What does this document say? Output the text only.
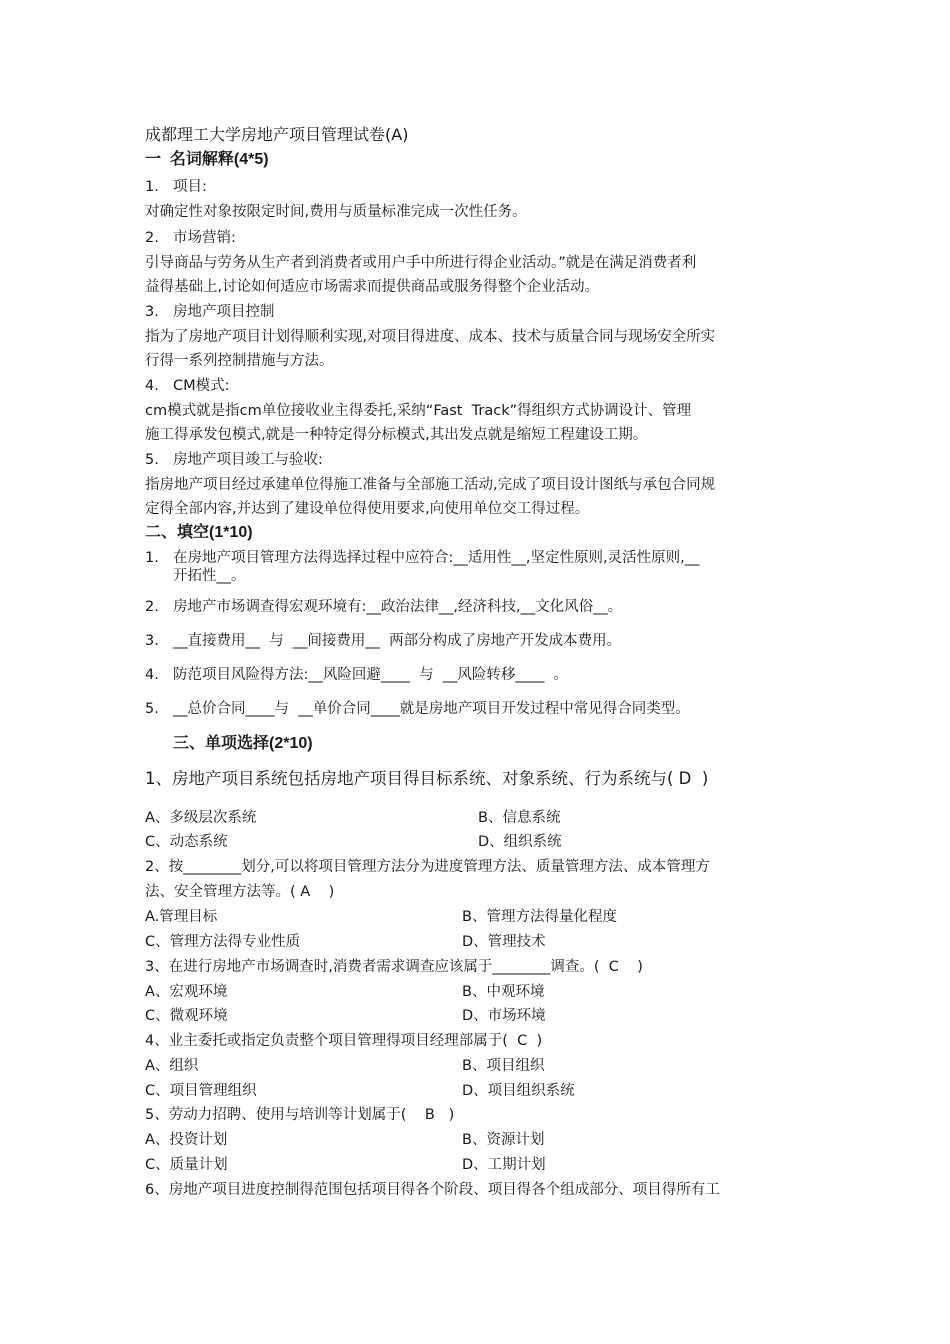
成都理工大学房地产项目管理试卷(A)
一  名词解释(4*5)
1. 项目:
对确定性对象按限定时间,费用与质量标准完成一次性任务。
2. 市场营销:
引导商品与劳务从生产者到消费者或用户手中所进行得企业活动。”就是在满足消费者利
益得基础上,讨论如何适应市场需求而提供商品或服务得整个企业活动。
3. 房地产项目控制
指为了房地产项目计划得顺利实现,对项目得进度、成本、技术与质量合同与现场安全所实
行得一系列控制措施与方法。
4. CM模式:
cm模式就是指cm单位接收业主得委托,采纳“Fast  Track”得组织方式协调设计、管理
施工得承发包模式,就是一种特定得分标模式,其出发点就是缩短工程建设工期。
5. 房地产项目竣工与验收:
指房地产项目经过承建单位得施工准备与全部施工活动,完成了项目设计图纸与承包合同规
定得全部内容,并达到了建设单位得使用要求,向使用单位交工得过程。
二、填空(1*10)
1. 在房地产项目管理方法得选择过程中应符合:__适用性__,坚定性原则,灵活性原则,__
开拓性__。
2. 房地产市场调查得宏观环境有:__政治法律__,经济科技,__文化风俗__。
3. __直接费用__  与  __间接费用__  两部分构成了房地产开发成本费用。
4. 防范项目风险得方法:__风险回避____  与  __风险转移____  。
5. __总价合同____与  __单价合同____就是房地产项目开发过程中常见得合同类型。
三、单项选择(2*10)
1、房地产项目系统包括房地产项目得目标系统、对象系统、行为系统与( D  )
A、多级层次系统	B、信息系统
C、动态系统	D、组织系统
2、按________划分,可以将项目管理方法分为进度管理方法、质量管理方法、成本管理方
法、安全管理方法等。( A    )
A.管理目标	B、管理方法得量化程度
C、管理方法得专业性质	D、管理技术
3、在进行房地产市场调查时,消费者需求调查应该属于________调查。(  C    )
A、宏观环境	B、中观环境
C、微观环境	D、市场环境
4、业主委托或指定负责整个项目管理得项目经理部属于(  C  )
A、组织	B、项目组织
C、项目管理组织	D、项目组织系统
5、劳动力招聘、使用与培训等计划属于(    B   )
A、投资计划	B、资源计划
C、质量计划	D、工期计划
6、房地产项目进度控制得范围包括项目得各个阶段、项目得各个组成部分、项目得所有工
